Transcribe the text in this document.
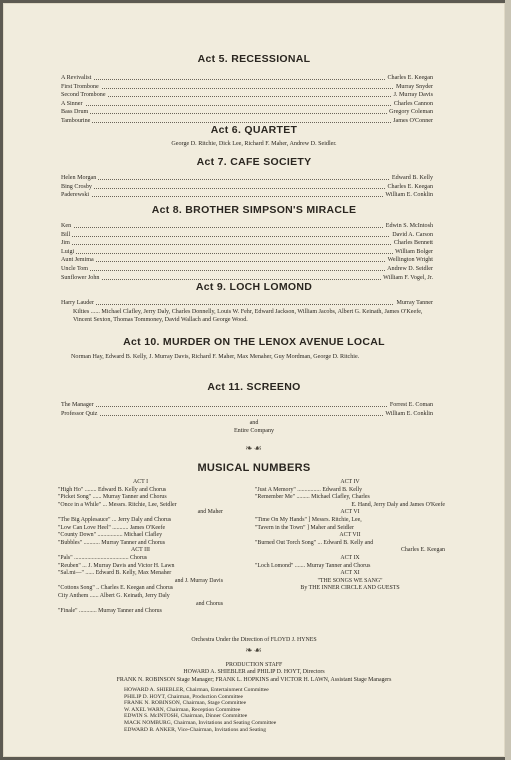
Act 5. RECESSIONAL

A Revivalist	Charles E. Keegan
First Trombone	Murray Snyder
Second Trombone	J. Murray Davis
A Sinner	Charles Cannon
Bass Drum	Gregory Coleman
Tambourine	James O'Conner

Act 6. QUARTET

George D. Ritchie, Dick Lee, Richard F. Maher, Andrew D. Seidler.

Act 7. CAFE SOCIETY

Helen Morgan	Edward B. Kelly
Bing Crosby	Charles E. Keegan
Paderewski	William E. Conklin

Act 8. BROTHER SIMPSON'S MIRACLE

Ken	Edwin S. McIntosh
Bill	David A. Carson
Jim	Charles Bennett
Luigi	William Bolger
Aunt Jemima	Wellington Wright
Uncle Tom	Andrew D. Seidler
Sunflower John	William F. Vogel, Jr.

Act 9. LOCH LOMOND

Harry Lauder	Murray Tanner
Kilties ...... Michael Clafley, Jerry Daly, Charles Donnelly, Louis W. Fehr, Edward Jackson, William Jacobs, Albert G. Keinath, James O'Keefe, Vincent Sexton, Thomas Tommoney, David Wallach and George Wood.

Act 10. MURDER ON THE LENOX AVENUE LOCAL

Norman Hay, Edward B. Kelly, J. Murray Davis, Richard F. Maher, Max Menaher, Guy Mordman, George D. Ritchie.

Act 11. SCREENO

The Manager	Forrest E. Coman
Professor Quiz	William E. Conklin
and
Entire Company
❧☙

MUSICAL NUMBERS

ACT I
"High Ho" ........ Edward B. Kelly and Chorus
"Picket Song" ...... Murray Tanner and Chorus
"Once in a While" ... Messrs. Ritchie, Lee, Seidler
and Maher
"The Big Applesauce" ... Jerry Daly and Chorus
"Low Can Love Heel" ........... James O'Keefe
"County Down" ................. Michael Clafley
"Bubbles" ........... Murray Tanner and Chorus
ACT III
"Pals" ..................................... Chorus
"Reuben" ... J. Murray Davis and Victor H. Lawn
"Sal.mi—" ...... Edward B. Kelly, Max Menaher
and J. Murray Davis
"Cottons Song" .. Charles E. Keegan and Chorus
City Anthem ...... Albert G. Keinath, Jerry Daly
and Chorus
"Finale" ............ Murray Tanner and Chorus
ACT IV
"Just A Memory" ................ Edward B. Kelly
"Remember Me" ......... Michael Clafley, Charles
E. Hand, Jerry Daly and James O'Keefe
ACT VI
"Time On My Hands" ] Messrs. Ritchie, Lee,
"Tavern in the Town" ] Maher and Seidler
ACT VII
"Burned Out Torch Song" ... Edward B. Kelly and
Charles E. Keegan
ACT IX
"Loch Lomond" ....... Murray Tanner and Chorus
ACT XI
"THE SONGS WE SANG"
By THE INNER CIRCLE AND GUESTS
Orchestra Under the Direction of FLOYD J. HYNES
❧☙
PRODUCTION STAFF
HOWARD A. SHIEBLER and PHILIP D. HOYT, Directors
FRANK N. ROBINSON Stage Manager; FRANK L. HOPKINS and VICTOR H. LAWN, Assistant Stage Managers
HOWARD A. SHIEBLER, Chairman, Entertainment Committee
PHILIP D. HOYT, Chairman, Production Committee
FRANK N. ROBINSON, Chairman, Stage Committee
W. AXEL WARN, Chairman, Reception Committee
EDWIN S. McINTOSH, Chairman, Dinner Committee
MACK NOMBURG, Chairman, Invitations and Seating Committee
EDWARD B. ANKER, Vice-Chairman, Invitations and Seating
